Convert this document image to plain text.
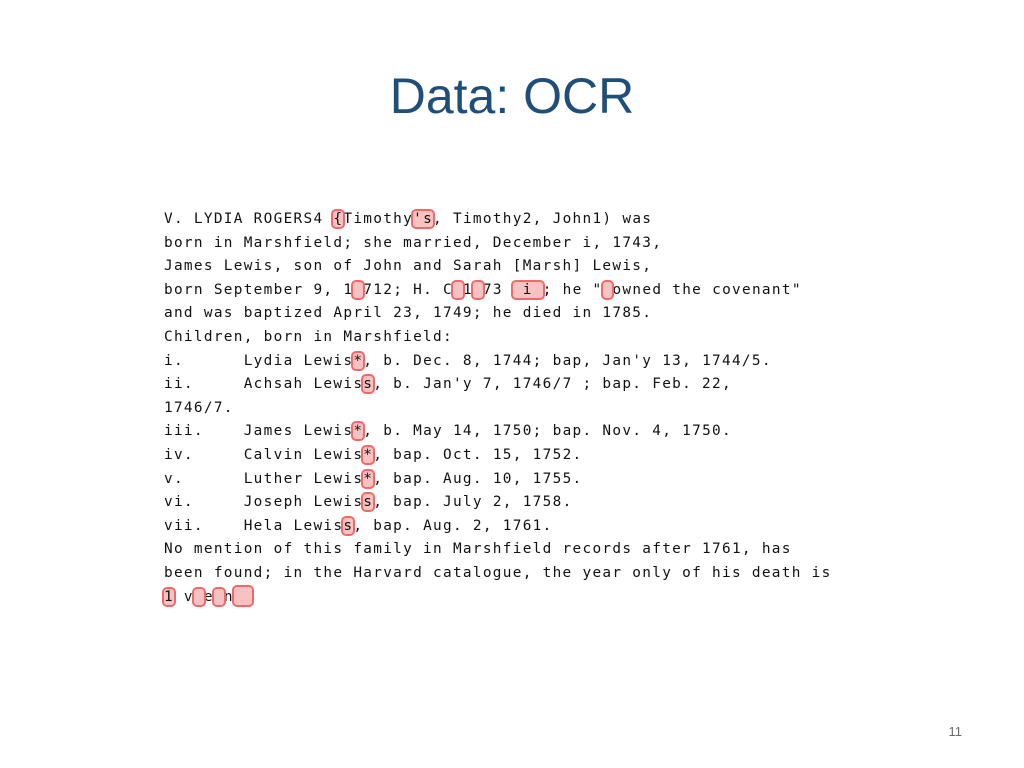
Data: OCR
V. LYDIA ROGERS4 {Timothy's, Timothy2, John1) was
born in Marshfield; she married, December i, 1743,
James Lewis, son of John and Sarah [Marsh] Lewis,
born September 9, 1 712; H. C 1 73  i ; he " owned the covenant"
and was baptized April 23, 1749; he died in 1785.
Children, born in Marshfield:
i.      Lydia Lewis*, b. Dec. 8, 1744; bap, Jan'y 13, 1744/5.
ii.     Achsah Lewiss, b. Jan'y 7, 1746/7 ; bap. Feb. 22,
1746/7.
iii.    James Lewis*, b. May 14, 1750; bap. Nov. 4, 1750.
iv.     Calvin Lewis*, bap. Oct. 15, 1752.
v.      Luther Lewis*, bap. Aug. 10, 1755.
vi.     Joseph Lewiss, bap. July 2, 1758.
vii.    Hela Lewiss, bap. Aug. 2, 1761.
No mention of this family in Marshfield records after 1761, has
been found; in the Harvard catalogue, the year only of his death is
1 v e n
11
